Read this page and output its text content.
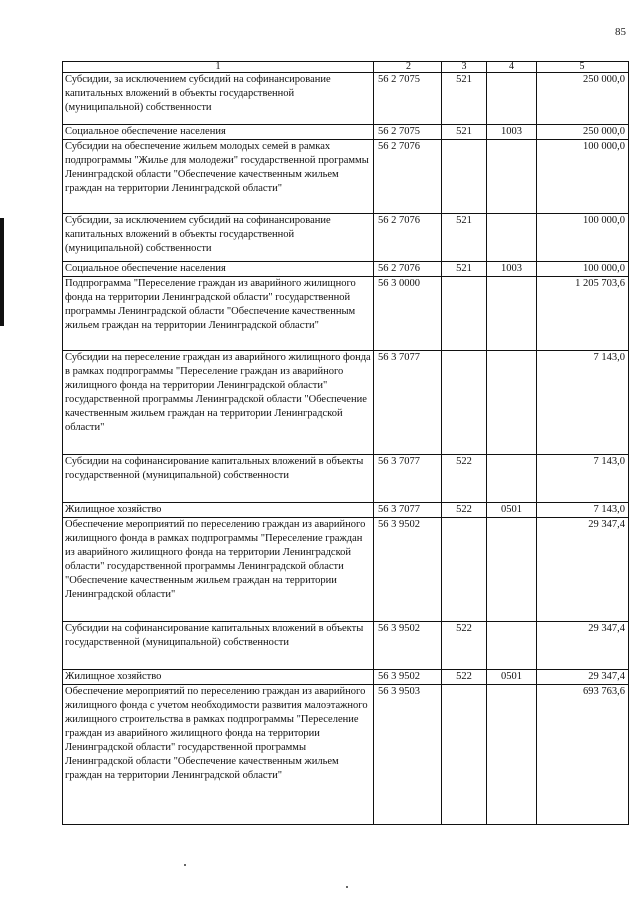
85
1	2	3	4	5
Субсидии, за исключением субсидий на софинансирование капитальных вложений в объекты государственной (муниципальной) собственности	56 2 7075	521		250 000,0
Социальное обеспечение населения	56 2 7075	521	1003	250 000,0
Субсидии на обеспечение жильем молодых семей в рамках подпрограммы "Жилье для молодежи" государственной программы Ленинградской области "Обеспечение качественным жильем граждан на территории Ленинградской области"	56 2 7076			100 000,0
Субсидии, за исключением субсидий на софинансирование капитальных вложений в объекты государственной (муниципальной) собственности	56 2 7076	521		100 000,0
Социальное обеспечение населения	56 2 7076	521	1003	100 000,0
Подпрограмма "Переселение граждан из аварийного жилищного фонда на территории Ленинградской области" государственной программы Ленинградской области "Обеспечение качественным жильем граждан на территории Ленинградской области"	56 3 0000			1 205 703,6
Субсидии на переселение граждан из аварийного жилищного фонда в рамках подпрограммы "Переселение граждан из аварийного жилищного фонда на территории Ленинградской области" государственной программы Ленинградской области "Обеспечение качественным жильем граждан на территории Ленинградской области"	56 3 7077			7 143,0
Субсидии на софинансирование капитальных вложений в объекты государственной (муниципальной) собственности	56 3 7077	522		7 143,0
Жилищное хозяйство	56 3 7077	522	0501	7 143,0
Обеспечение мероприятий по переселению граждан из аварийного жилищного фонда в рамках подпрограммы "Переселение граждан из аварийного жилищного фонда на территории Ленинградской области" государственной программы Ленинградской области "Обеспечение качественным жильем граждан на территории Ленинградской области"	56 3 9502			29 347,4
Субсидии на софинансирование капитальных вложений в объекты государственной (муниципальной) собственности	56 3 9502	522		29 347,4
Жилищное хозяйство	56 3 9502	522	0501	29 347,4
Обеспечение мероприятий по переселению граждан из аварийного жилищного фонда с учетом необходимости развития малоэтажного жилищного строительства в рамках подпрограммы "Переселение граждан из аварийного жилищного фонда на территории Ленинградской области" государственной программы Ленинградской области "Обеспечение качественным жильем граждан на территории Ленинградской области"	56 3 9503			693 763,6
